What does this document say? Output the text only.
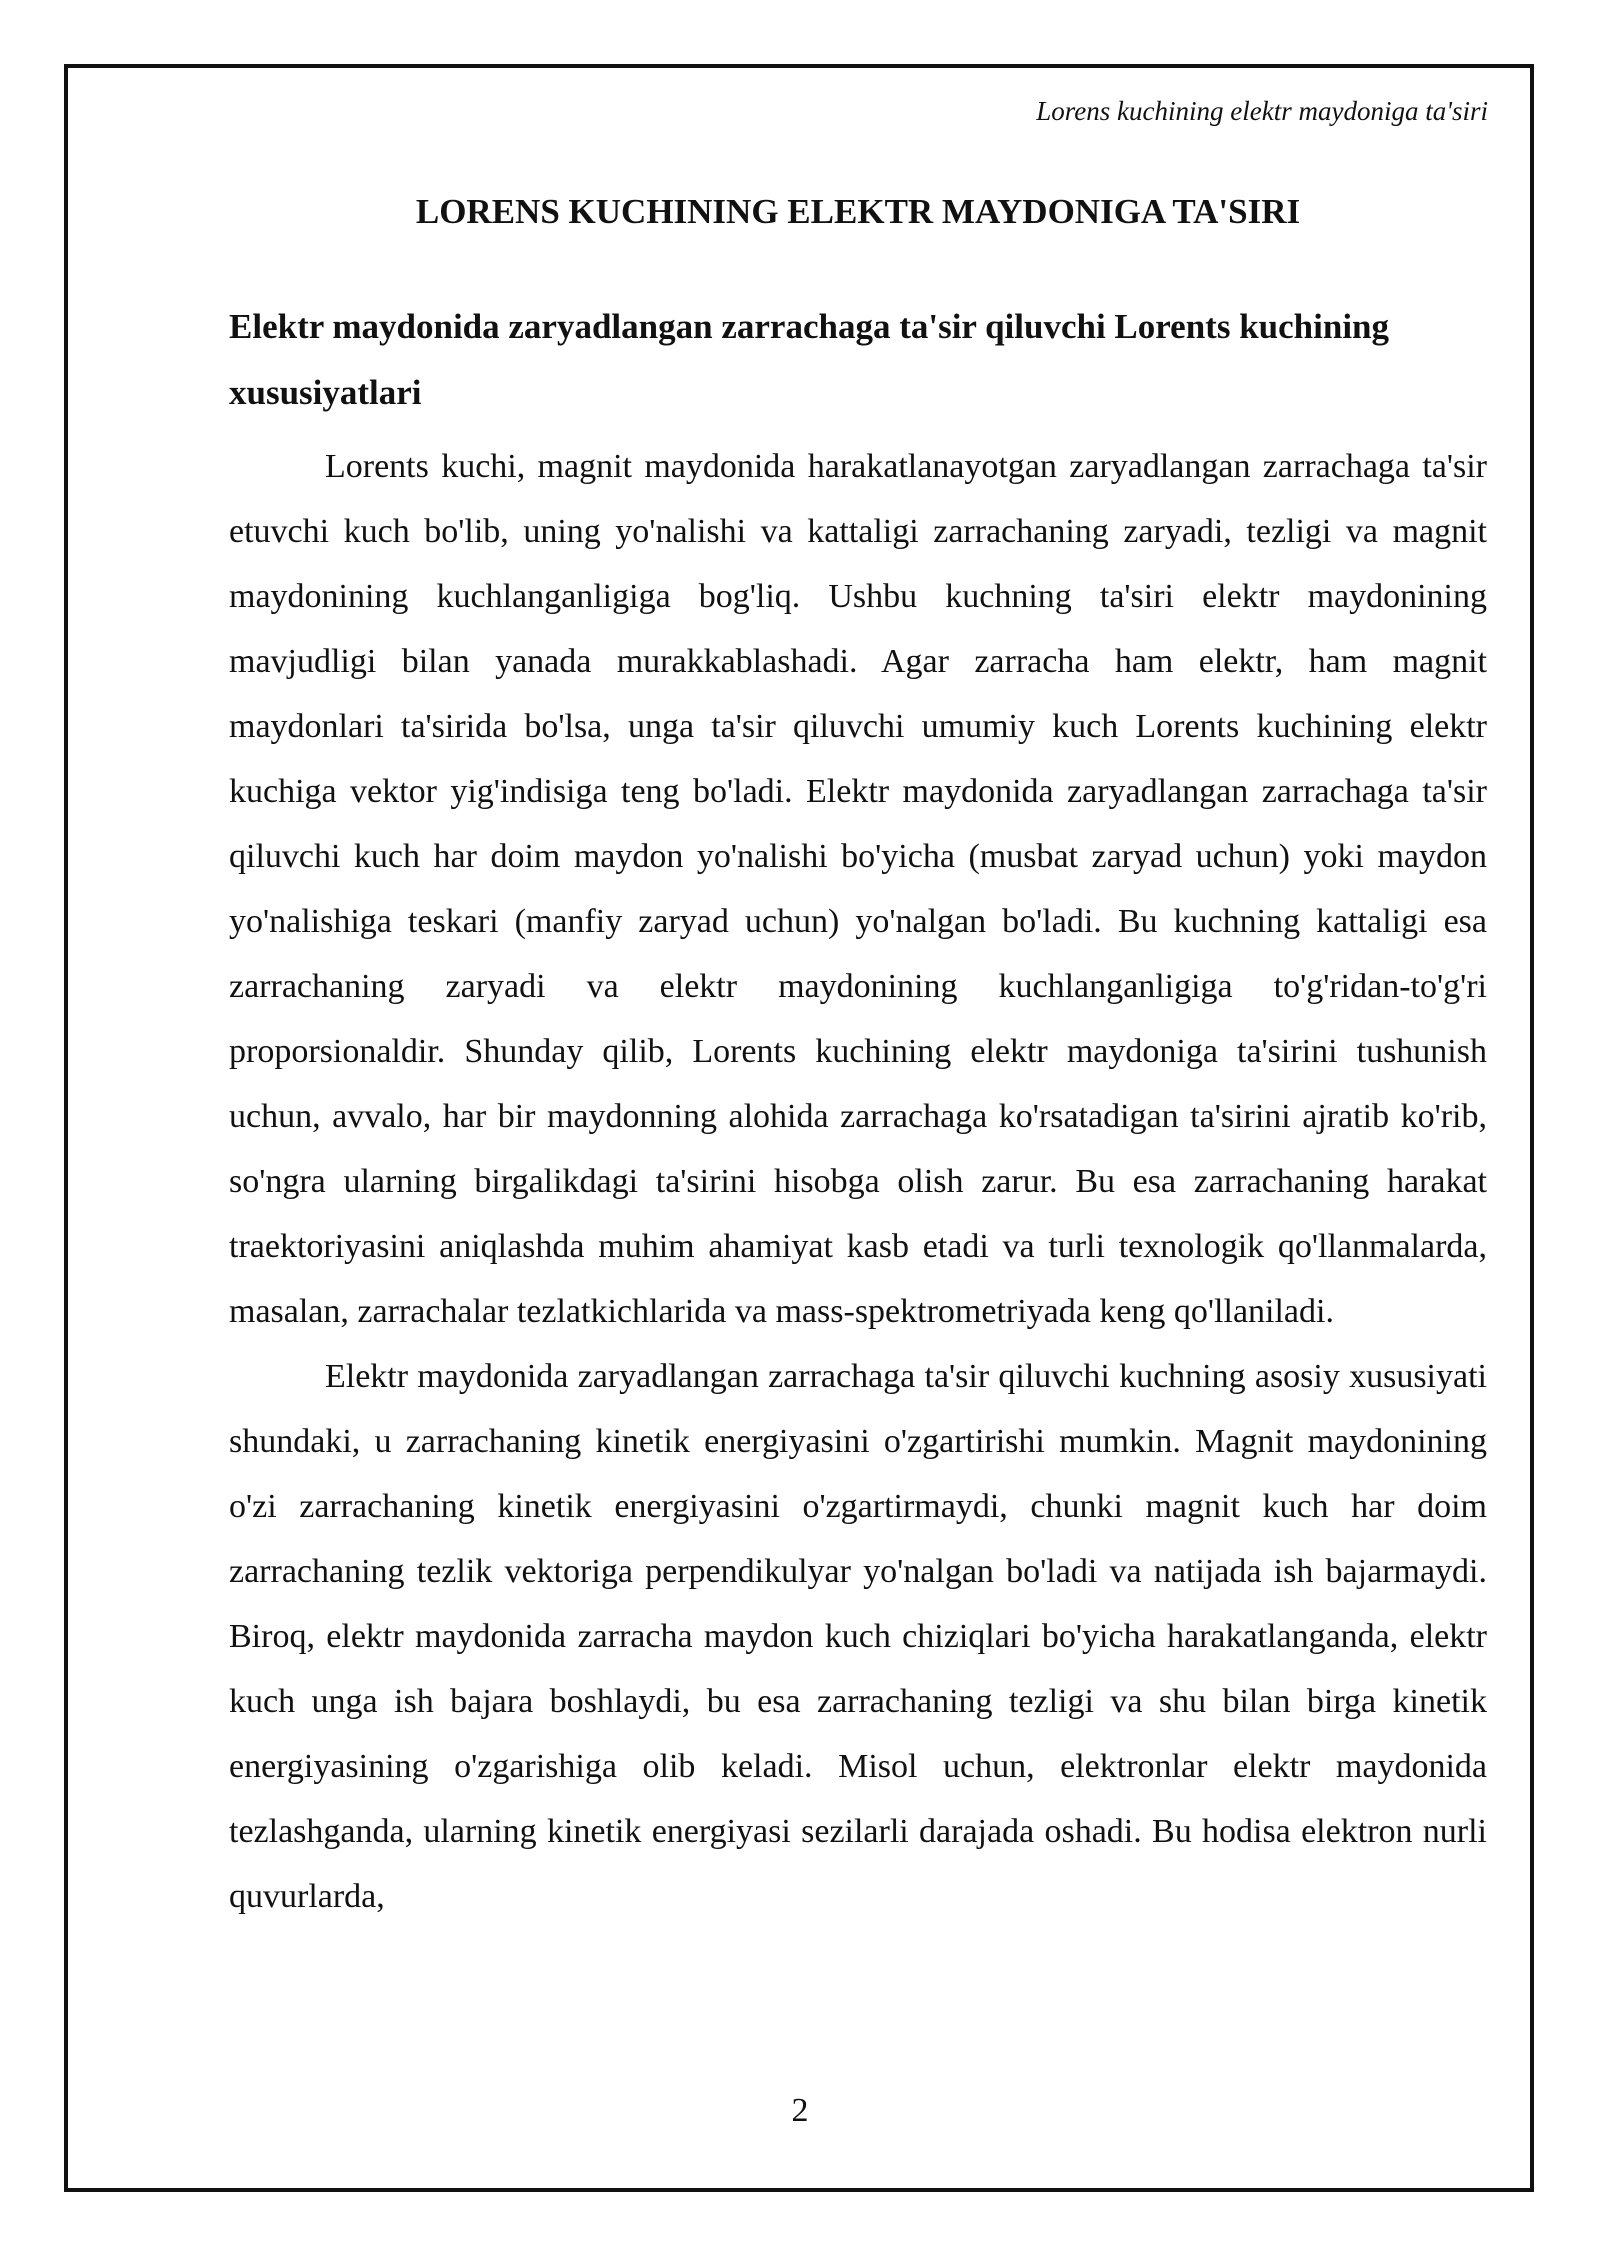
Lorens kuchining elektr maydoniga ta'siri
LORENS KUCHINING ELEKTR MAYDONIGA TA'SIRI
Elektr maydonida zaryadlangan zarrachaga ta'sir qiluvchi Lorents kuchining xususiyatlari

Lorents kuchi, magnit maydonida harakatlanayotgan zaryadlangan zarrachaga ta'sir etuvchi kuch bo'lib, uning yo'nalishi va kattaligi zarrachaning zaryadi, tezligi va magnit maydonining kuchlanganligiga bog'liq. Ushbu kuchning ta'siri elektr maydonining mavjudligi bilan yanada murakkablashadi. Agar zarracha ham elektr, ham magnit maydonlari ta'sirida bo'lsa, unga ta'sir qiluvchi umumiy kuch Lorents kuchining elektr kuchiga vektor yig'indisiga teng bo'ladi. Elektr maydonida zaryadlangan zarrachaga ta'sir qiluvchi kuch har doim maydon yo'nalishi bo'yicha (musbat zaryad uchun) yoki maydon yo'nalishiga teskari (manfiy zaryad uchun) yo'nalgan bo'ladi. Bu kuchning kattaligi esa zarrachaning zaryadi va elektr maydonining kuchlanganligiga to'g'ridan-to'g'ri proporsionaldir. Shunday qilib, Lorents kuchining elektr maydoniga ta'sirini tushunish uchun, avvalo, har bir maydonning alohida zarrachaga ko'rsatadigan ta'sirini ajratib ko'rib, so'ngra ularning birgalikdagi ta'sirini hisobga olish zarur. Bu esa zarrachaning harakat traektoriyasini aniqlashda muhim ahamiyat kasb etadi va turli texnologik qo'llanmalarda, masalan, zarrachalar tezlatkichlarida va mass-spektrometriyada keng qo'llaniladi.

Elektr maydonida zaryadlangan zarrachaga ta'sir qiluvchi kuchning asosiy xususiyati shundaki, u zarrachaning kinetik energiyasini o'zgartirishi mumkin. Magnit maydonining o'zi zarrachaning kinetik energiyasini o'zgartirmaydi, chunki magnit kuch har doim zarrachaning tezlik vektoriga perpendikulyar yo'nalgan bo'ladi va natijada ish bajarmaydi. Biroq, elektr maydonida zarracha maydon kuch chiziqlari bo'yicha harakatlanganda, elektr kuch unga ish bajara boshlaydi, bu esa zarrachaning tezligi va shu bilan birga kinetik energiyasining o'zgarishiga olib keladi. Misol uchun, elektronlar elektr maydonida tezlashganda, ularning kinetik energiyasi sezilarli darajada oshadi. Bu hodisa elektron nurli quvurlarda,

2
